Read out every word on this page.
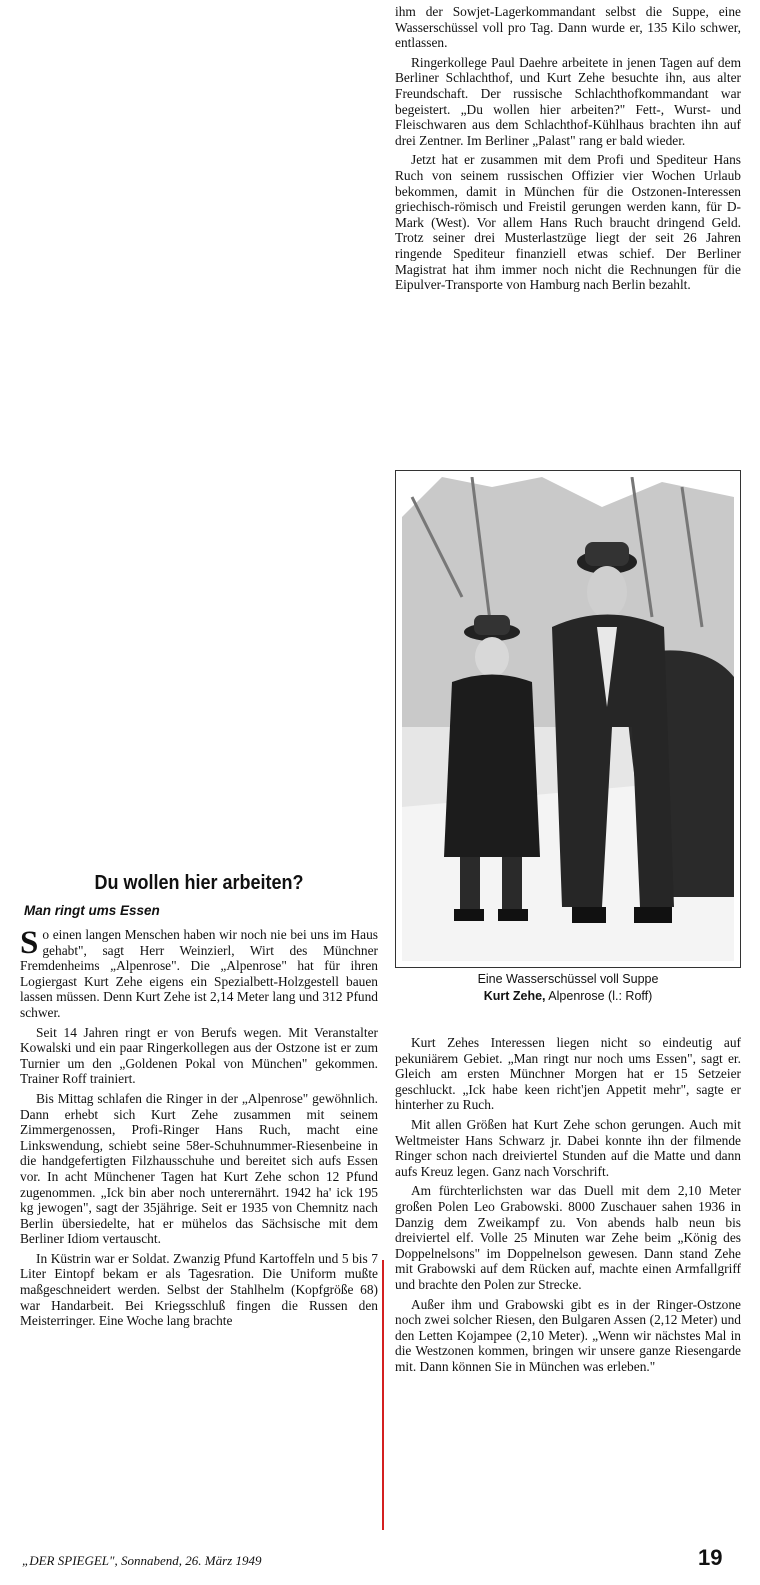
ihm der Sowjet-Lagerkommandant selbst die Suppe, eine Wasserschüssel voll pro Tag. Dann wurde er, 135 Kilo schwer, entlassen.

Ringerkollege Paul Daehre arbeitete in jenen Tagen auf dem Berliner Schlachthof, und Kurt Zehe besuchte ihn, aus alter Freundschaft. Der russische Schlachthofkommandant war begeistert. „Du wollen hier arbeiten?" Fett-, Wurst- und Fleischwaren aus dem Schlachthof-Kühlhaus brachten ihn auf drei Zentner. Im Berliner „Palast" rang er bald wieder.

Jetzt hat er zusammen mit dem Profi und Spediteur Hans Ruch von seinem russischen Offizier vier Wochen Urlaub bekommen, damit in München für die Ostzonen-Interessen griechisch-römisch und Freistil gerungen werden kann, für D-Mark (West). Vor allem Hans Ruch braucht dringend Geld. Trotz seiner drei Musterlastzüge liegt der seit 26 Jahren ringende Spediteur finanziell etwas schief. Der Berliner Magistrat hat ihm immer noch nicht die Rechnungen für die Eipulver-Transporte von Hamburg nach Berlin bezahlt.

Eine Wasserschüssel voll Suppe
Kurt Zehe, Alpenrose (l.: Roff)
Du wollen hier arbeiten?
Man ringt ums Essen

So einen langen Menschen haben wir noch nie bei uns im Haus gehabt", sagt Herr Weinzierl, Wirt des Münchner Fremdenheims „Alpenrose". Die „Alpenrose" hat für ihren Logiergast Kurt Zehe eigens ein Spezialbett-Holzgestell bauen lassen müssen. Denn Kurt Zehe ist 2,14 Meter lang und 312 Pfund schwer.

Seit 14 Jahren ringt er von Berufs wegen. Mit Veranstalter Kowalski und ein paar Ringerkollegen aus der Ostzone ist er zum Turnier um den „Goldenen Pokal von München" gekommen. Trainer Roff trainiert.

Bis Mittag schlafen die Ringer in der „Alpenrose" gewöhnlich. Dann erhebt sich Kurt Zehe zusammen mit seinem Zimmergenossen, Profi-Ringer Hans Ruch, macht eine Linkswendung, schiebt seine 58er-Schuhnummer-Riesenbeine in die handgefertigten Filzhausschuhe und bereitet sich aufs Essen vor. In acht Münchener Tagen hat Kurt Zehe schon 12 Pfund zugenommen. „Ick bin aber noch unterernährt. 1942 ha' ick 195 kg jewogen", sagt der 35jährige. Seit er 1935 von Chemnitz nach Berlin übersiedelte, hat er mühelos das Sächsische mit dem Berliner Idiom vertauscht.

In Küstrin war er Soldat. Zwanzig Pfund Kartoffeln und 5 bis 7 Liter Eintopf bekam er als Tagesration. Die Uniform mußte maßgeschneidert werden. Selbst der Stahlhelm (Kopfgröße 68) war Handarbeit. Bei Kriegsschluß fingen die Russen den Meisterringer. Eine Woche lang brachte

Kurt Zehes Interessen liegen nicht so eindeutig auf pekuniärem Gebiet. „Man ringt nur noch ums Essen", sagt er. Gleich am ersten Münchner Morgen hat er 15 Setzeier geschluckt. „Ick habe keen richt'jen Appetit mehr", sagte er hinterher zu Ruch.

Mit allen Größen hat Kurt Zehe schon gerungen. Auch mit Weltmeister Hans Schwarz jr. Dabei konnte ihn der filmende Ringer schon nach dreiviertel Stunden auf die Matte und dann aufs Kreuz legen. Ganz nach Vorschrift.

Am fürchterlichsten war das Duell mit dem 2,10 Meter großen Polen Leo Grabowski. 8000 Zuschauer sahen 1936 in Danzig dem Zweikampf zu. Von abends halb neun bis dreiviertel elf. Volle 25 Minuten war Zehe beim „König des Doppelnelsons" im Doppelnelson gewesen. Dann stand Zehe mit Grabowski auf dem Rücken auf, machte einen Armfallgriff und brachte den Polen zur Strecke.

Außer ihm und Grabowski gibt es in der Ringer-Ostzone noch zwei solcher Riesen, den Bulgaren Assen (2,12 Meter) und den Letten Kojampee (2,10 Meter). „Wenn wir nächstes Mal in die Westzonen kommen, bringen wir unsere ganze Riesengarde mit. Dann können Sie in München was erleben."

„DER SPIEGEL", Sonnabend, 26. März 1949	19
